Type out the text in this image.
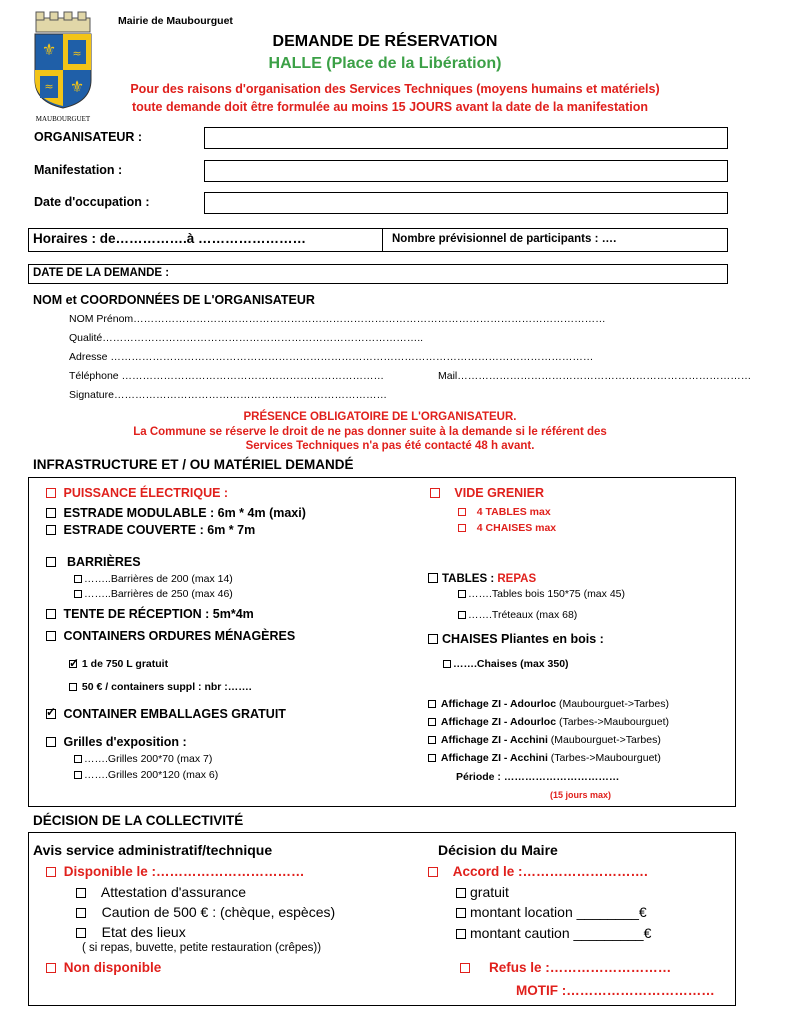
⚜
⚜
≈
≈
MAUBOURGUET
Mairie de Maubourguet
DEMANDE DE RÉSERVATION
HALLE (Place de la Libération)
Pour des raisons d'organisation des Services Techniques (moyens humains et matériels)
toute demande doit être formulée au moins 15 JOURS avant la date de la manifestation
ORGANISATEUR :
Manifestation :
Date d'occupation :
Horaires : de…………….à ……………………	Nombre prévisionnel de participants : ….
DATE DE LA DEMANDE :
NOM et COORDONNÉES DE L'ORGANISATEUR
NOM Prénom………………………………………………………………………………………………………………………
Qualité………………………………………………………………………………..
Adresse …………………………………………………………………………………………………………………………
Téléphone …………………………………………………………………	Mail…………………………………………………………………………
Signature……………………………………………………………………
PRÉSENCE OBLIGATOIRE DE L'ORGANISATEUR.
La Commune se réserve le droit de ne pas donner suite à la demande si le référent des
Services Techniques n'a pas été contacté 48 h avant.
INFRASTRUCTURE ET / OU MATÉRIEL DEMANDÉ
PUISSANCE ÉLECTRIQUE :
ESTRADE MODULABLE : 6m * 4m (maxi)
ESTRADE COUVERTE : 6m * 7m
BARRIÈRES
……..Barrières de 200 (max 14)
……..Barrières de 250 (max 46)
TENTE DE RÉCEPTION : 5m*4m
CONTAINERS ORDURES MÉNAGÈRES
✓ 1 de 750 L gratuit
50 € / containers suppl : nbr :…….
✓ CONTAINER EMBALLAGES GRATUIT
Grilles d'exposition :
…….Grilles 200*70 (max 7)
…….Grilles 200*120 (max 6)
VIDE GRENIER
4 TABLES max
4 CHAISES max
TABLES : REPAS
…….Tables bois 150*75 (max 45)
…….Tréteaux (max 68)
CHAISES Pliantes en bois :
…….Chaises (max 350)
Affichage ZI - Adourloc (Maubourguet->Tarbes)
Affichage ZI - Adourloc (Tarbes->Maubourguet)
Affichage ZI - Acchini (Maubourguet->Tarbes)
Affichage ZI - Acchini (Tarbes->Maubourguet)
Période : ……………………………
(15 jours max)
DÉCISION DE LA COLLECTIVITÉ
Avis service administratif/technique
Disponible le :……………………………
Attestation d'assurance
Caution de 500 € : (chèque, espèces)
Etat des lieux
( si repas, buvette, petite restauration (crêpes))
Non disponible
Décision du Maire
Accord le :……………………….
gratuit
montant location ________€
montant caution _________€
Refus le :………………………
MOTIF :……………………………
